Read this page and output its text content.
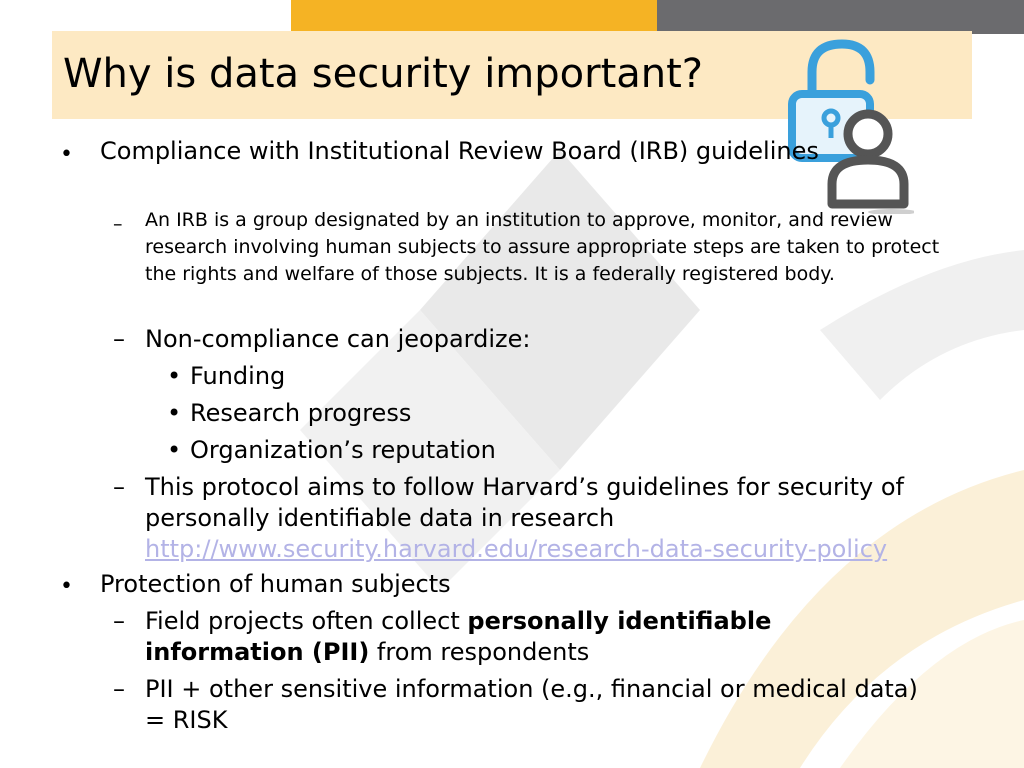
Why is data security important?
• Compliance with Institutional Review Board (IRB) guidelines
– An IRB is a group designated by an institution to approve, monitor, and review research involving human subjects to assure appropriate steps are taken to protect the rights and welfare of those subjects. It is a federally registered body.
– Non-compliance can jeopardize:
• Funding
• Research progress
• Organization’s reputation
– This protocol aims to follow Harvard’s guidelines for security of personally identifiable data in research
http://www.security.harvard.edu/research-data-security-policy
• Protection of human subjects
– Field projects often collect personally identifiable information (PII) from respondents
– PII + other sensitive information (e.g., financial or medical data) = RISK
